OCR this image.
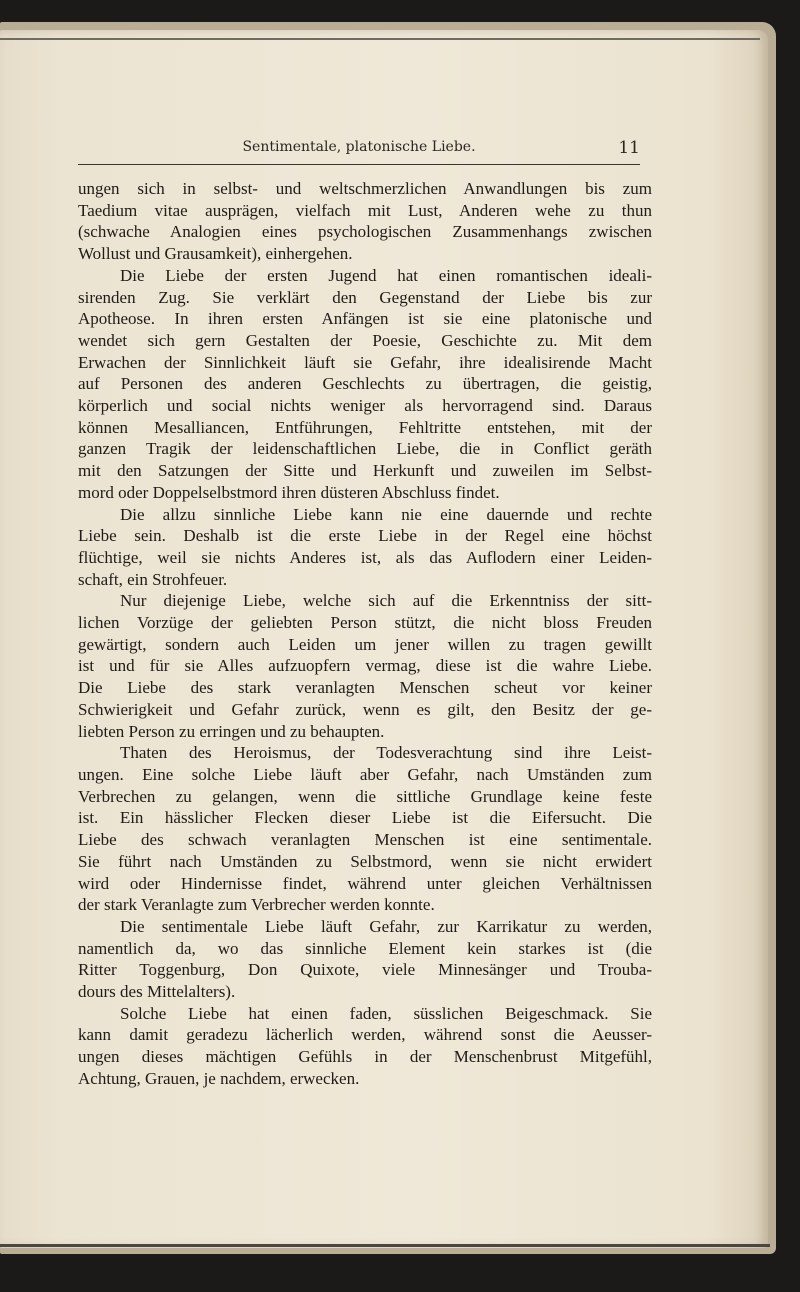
Sentimentale, platonische Liebe.	11
ungen sich in selbst- und weltschmerzlichen Anwandlungen bis zum
Taedium vitae ausprägen, vielfach mit Lust, Anderen wehe zu thun
(schwache Analogien eines psychologischen Zusammenhangs zwischen
Wollust und Grausamkeit), einhergehen.
Die Liebe der ersten Jugend hat einen romantischen ideali-
sirenden Zug. Sie verklärt den Gegenstand der Liebe bis zur
Apotheose. In ihren ersten Anfängen ist sie eine platonische und
wendet sich gern Gestalten der Poesie, Geschichte zu. Mit dem
Erwachen der Sinnlichkeit läuft sie Gefahr, ihre idealisirende Macht
auf Personen des anderen Geschlechts zu übertragen, die geistig,
körperlich und social nichts weniger als hervorragend sind. Daraus
können Mesalliancen, Entführungen, Fehltritte entstehen, mit der
ganzen Tragik der leidenschaftlichen Liebe, die in Conflict geräth
mit den Satzungen der Sitte und Herkunft und zuweilen im Selbst-
mord oder Doppelselbstmord ihren düsteren Abschluss findet.
Die allzu sinnliche Liebe kann nie eine dauernde und rechte
Liebe sein. Deshalb ist die erste Liebe in der Regel eine höchst
flüchtige, weil sie nichts Anderes ist, als das Auflodern einer Leiden-
schaft, ein Strohfeuer.
Nur diejenige Liebe, welche sich auf die Erkenntniss der sitt-
lichen Vorzüge der geliebten Person stützt, die nicht bloss Freuden
gewärtigt, sondern auch Leiden um jener willen zu tragen gewillt
ist und für sie Alles aufzuopfern vermag, diese ist die wahre Liebe.
Die Liebe des stark veranlagten Menschen scheut vor keiner
Schwierigkeit und Gefahr zurück, wenn es gilt, den Besitz der ge-
liebten Person zu erringen und zu behaupten.
Thaten des Heroismus, der Todesverachtung sind ihre Leist-
ungen. Eine solche Liebe läuft aber Gefahr, nach Umständen zum
Verbrechen zu gelangen, wenn die sittliche Grundlage keine feste
ist. Ein hässlicher Flecken dieser Liebe ist die Eifersucht. Die
Liebe des schwach veranlagten Menschen ist eine sentimentale.
Sie führt nach Umständen zu Selbstmord, wenn sie nicht erwidert
wird oder Hindernisse findet, während unter gleichen Verhältnissen
der stark Veranlagte zum Verbrecher werden konnte.
Die sentimentale Liebe läuft Gefahr, zur Karrikatur zu werden,
namentlich da, wo das sinnliche Element kein starkes ist (die
Ritter Toggenburg, Don Quixote, viele Minnesänger und Trouba-
dours des Mittelalters).
Solche Liebe hat einen faden, süsslichen Beigeschmack. Sie
kann damit geradezu lächerlich werden, während sonst die Aeusser-
ungen dieses mächtigen Gefühls in der Menschenbrust Mitgefühl,
Achtung, Grauen, je nachdem, erwecken.
